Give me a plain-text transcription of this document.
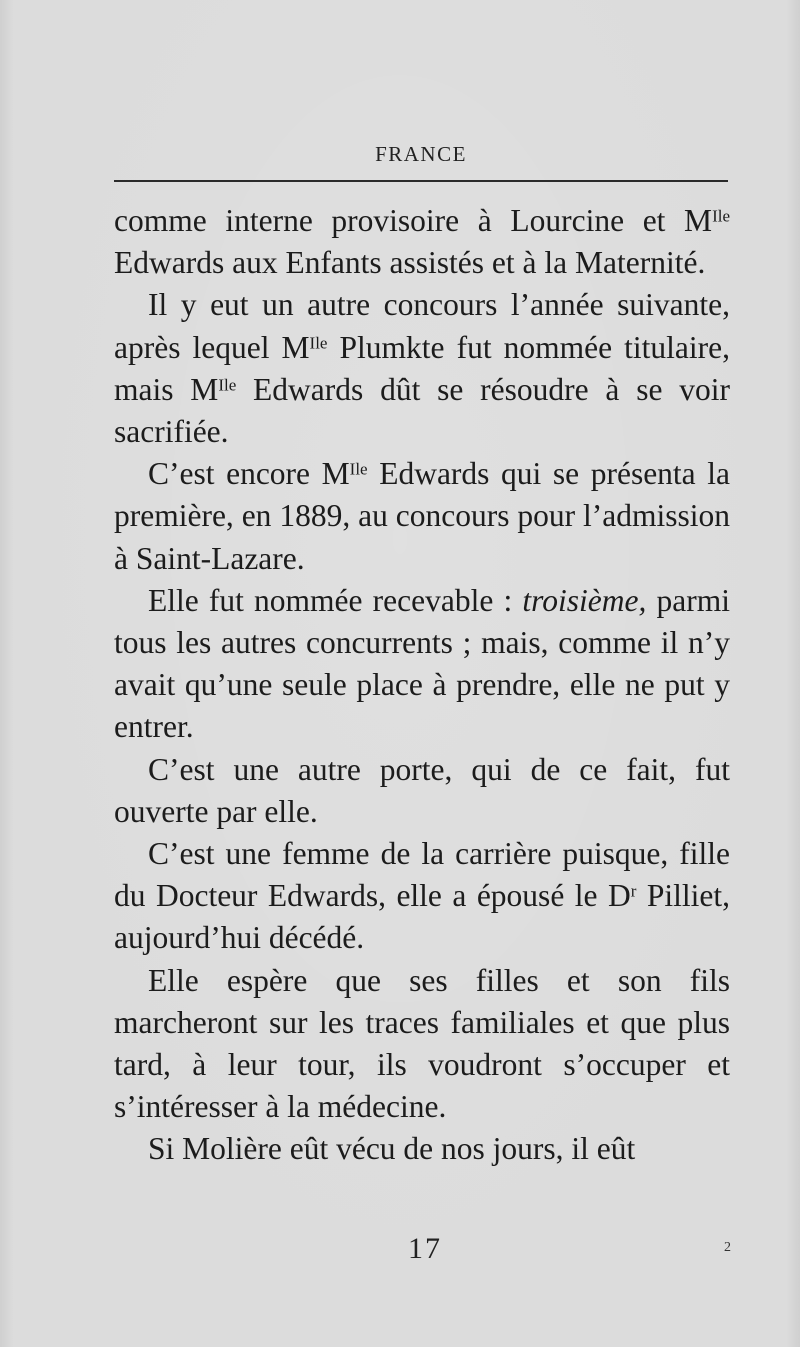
FRANCE

comme interne provisoire à Lourcine et $M^{Ile}$ Edwards aux Enfants assistés et à la Maternité.

Il y eut un autre concours l’année suivante, après lequel $M^{Ile}$ Plumkte fut nommée titulaire, mais $M^{Ile}$ Edwards dût se résoudre à se voir sacrifiée.

C’est encore $M^{Ile}$ Edwards qui se présenta la première, en 1889, au concours pour l’admission à Saint-Lazare.

Elle fut nommée recevable : troisième, parmi tous les autres concurrents ; mais, comme il n’y avait qu’une seule place à prendre, elle ne put y entrer.

C’est une autre porte, qui de ce fait, fut ouverte par elle.

C’est une femme de la carrière puisque, fille du Docteur Edwards, elle a épousé le $D^r$ Pilliet, aujourd’hui décédé.

Elle espère que ses filles et son fils marcheront sur les traces familiales et que plus tard, à leur tour, ils voudront s’occuper et s’intéresser à la médecine.

Si Molière eût vécu de nos jours, il eût

17	2
